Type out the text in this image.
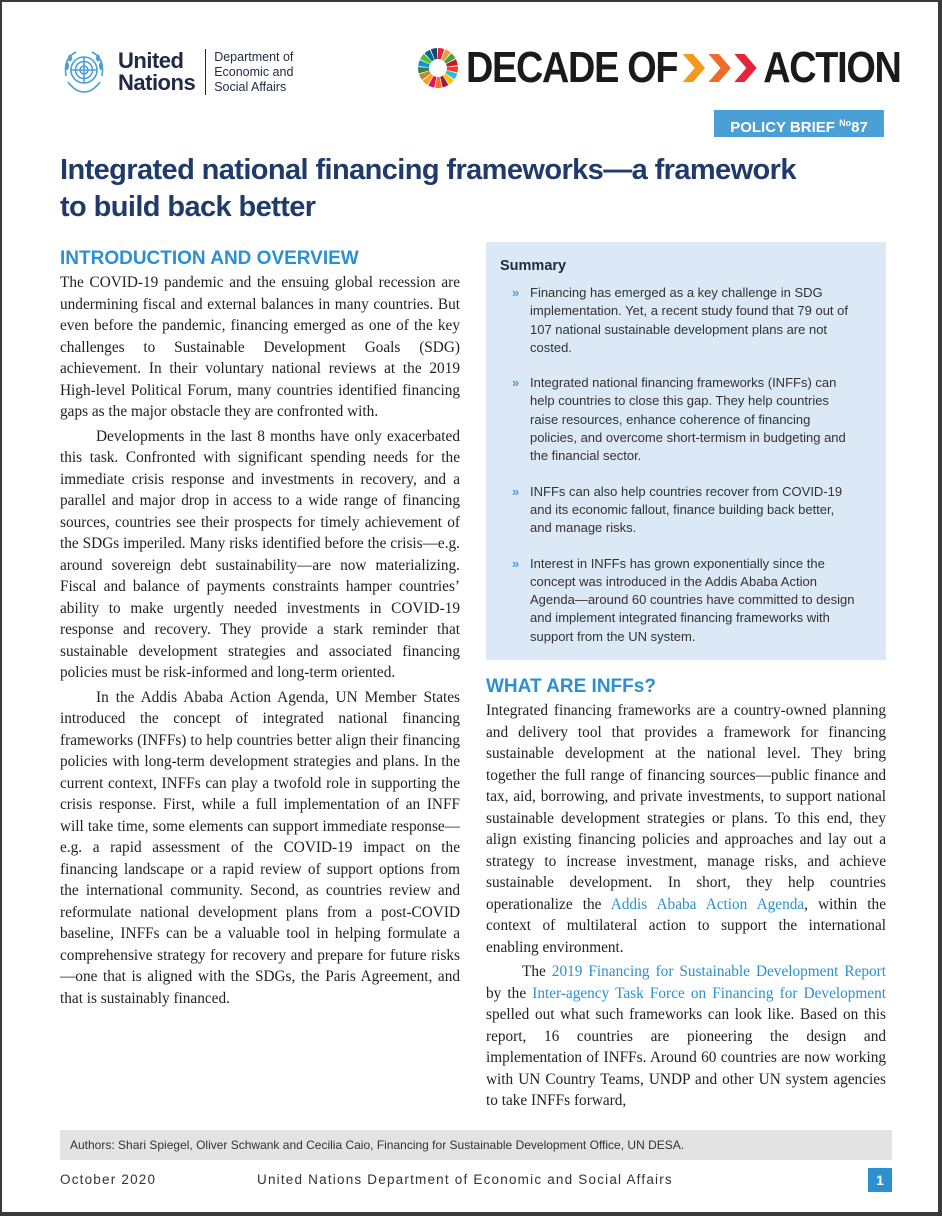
United
Nations
Department of
Economic and
Social Affairs	DECADE OF ACTION
POLICY BRIEF $^{No}$87
Integrated national financing frameworks—a framework to build back better
INTRODUCTION AND OVERVIEW

The COVID-19 pandemic and the ensuing global recession are undermining fiscal and external balances in many countries. But even before the pandemic, financing emerged as one of the key challenges to Sustainable Development Goals (SDG) achievement. In their voluntary national reviews at the 2019 High-level Political Forum, many countries identified financing gaps as the major obstacle they are confronted with.

Developments in the last 8 months have only exacerbated this task. Confronted with significant spending needs for the immediate crisis response and investments in recovery, and a parallel and major drop in access to a wide range of financing sources, countries see their prospects for timely achievement of the SDGs imperiled. Many risks identified before the crisis—e.g. around sovereign debt sustainability—are now materializing. Fiscal and balance of payments constraints hamper countries’ ability to make urgently needed investments in COVID-19 response and recovery. They provide a stark reminder that sustainable development strategies and associated financing policies must be risk-informed and long-term oriented.

In the Addis Ababa Action Agenda, UN Member States introduced the concept of integrated national financing frameworks (INFFs) to help countries better align their financing policies with long-term development strategies and plans. In the current context, INFFs can play a twofold role in supporting the crisis response. First, while a full implementation of an INFF will take time, some elements can support immediate response—e.g. a rapid assessment of the COVID-19 impact on the financing landscape or a rapid review of support options from the international community. Second, as countries review and reformulate national development plans from a post-COVID baseline, INFFs can be a valuable tool in helping formulate a comprehensive strategy for recovery and prepare for future risks—one that is aligned with the SDGs, the Paris Agreement, and that is sustainably financed.

Summary
» Financing has emerged as a key challenge in SDG implementation. Yet, a recent study found that 79 out of 107 national sustainable development plans are not costed.
» Integrated national financing frameworks (INFFs) can help countries to close this gap. They help countries raise resources, enhance coherence of financing policies, and overcome short-termism in budgeting and the financial sector.
» INFFs can also help countries recover from COVID-19 and its economic fallout, finance building back better, and manage risks.
» Interest in INFFs has grown exponentially since the concept was introduced in the Addis Ababa Action Agenda—around 60 countries have committed to design and implement integrated financing frameworks with support from the UN system.
WHAT ARE INFFs?

Integrated financing frameworks are a country-owned planning and delivery tool that provides a framework for financing sustainable development at the national level. They bring together the full range of financing sources—public finance and tax, aid, borrowing, and private investments, to support national sustainable development strategies or plans. To this end, they align existing financing policies and approaches and lay out a strategy to increase investment, manage risks, and achieve sustainable development. In short, they help countries operationalize the Addis Ababa Action Agenda, within the context of multilateral action to support the international enabling environment.

The 2019 Financing for Sustainable Development Report by the Inter-agency Task Force on Financing for Development spelled out what such frameworks can look like. Based on this report, 16 countries are pioneering the design and implementation of INFFs. Around 60 countries are now working with UN Country Teams, UNDP and other UN system agencies to take INFFs forward,

Authors: Shari Spiegel, Oliver Schwank and Cecilia Caio, Financing for Sustainable Development Office, UN DESA.
October 2020	United Nations Department of Economic and Social Affairs	1
